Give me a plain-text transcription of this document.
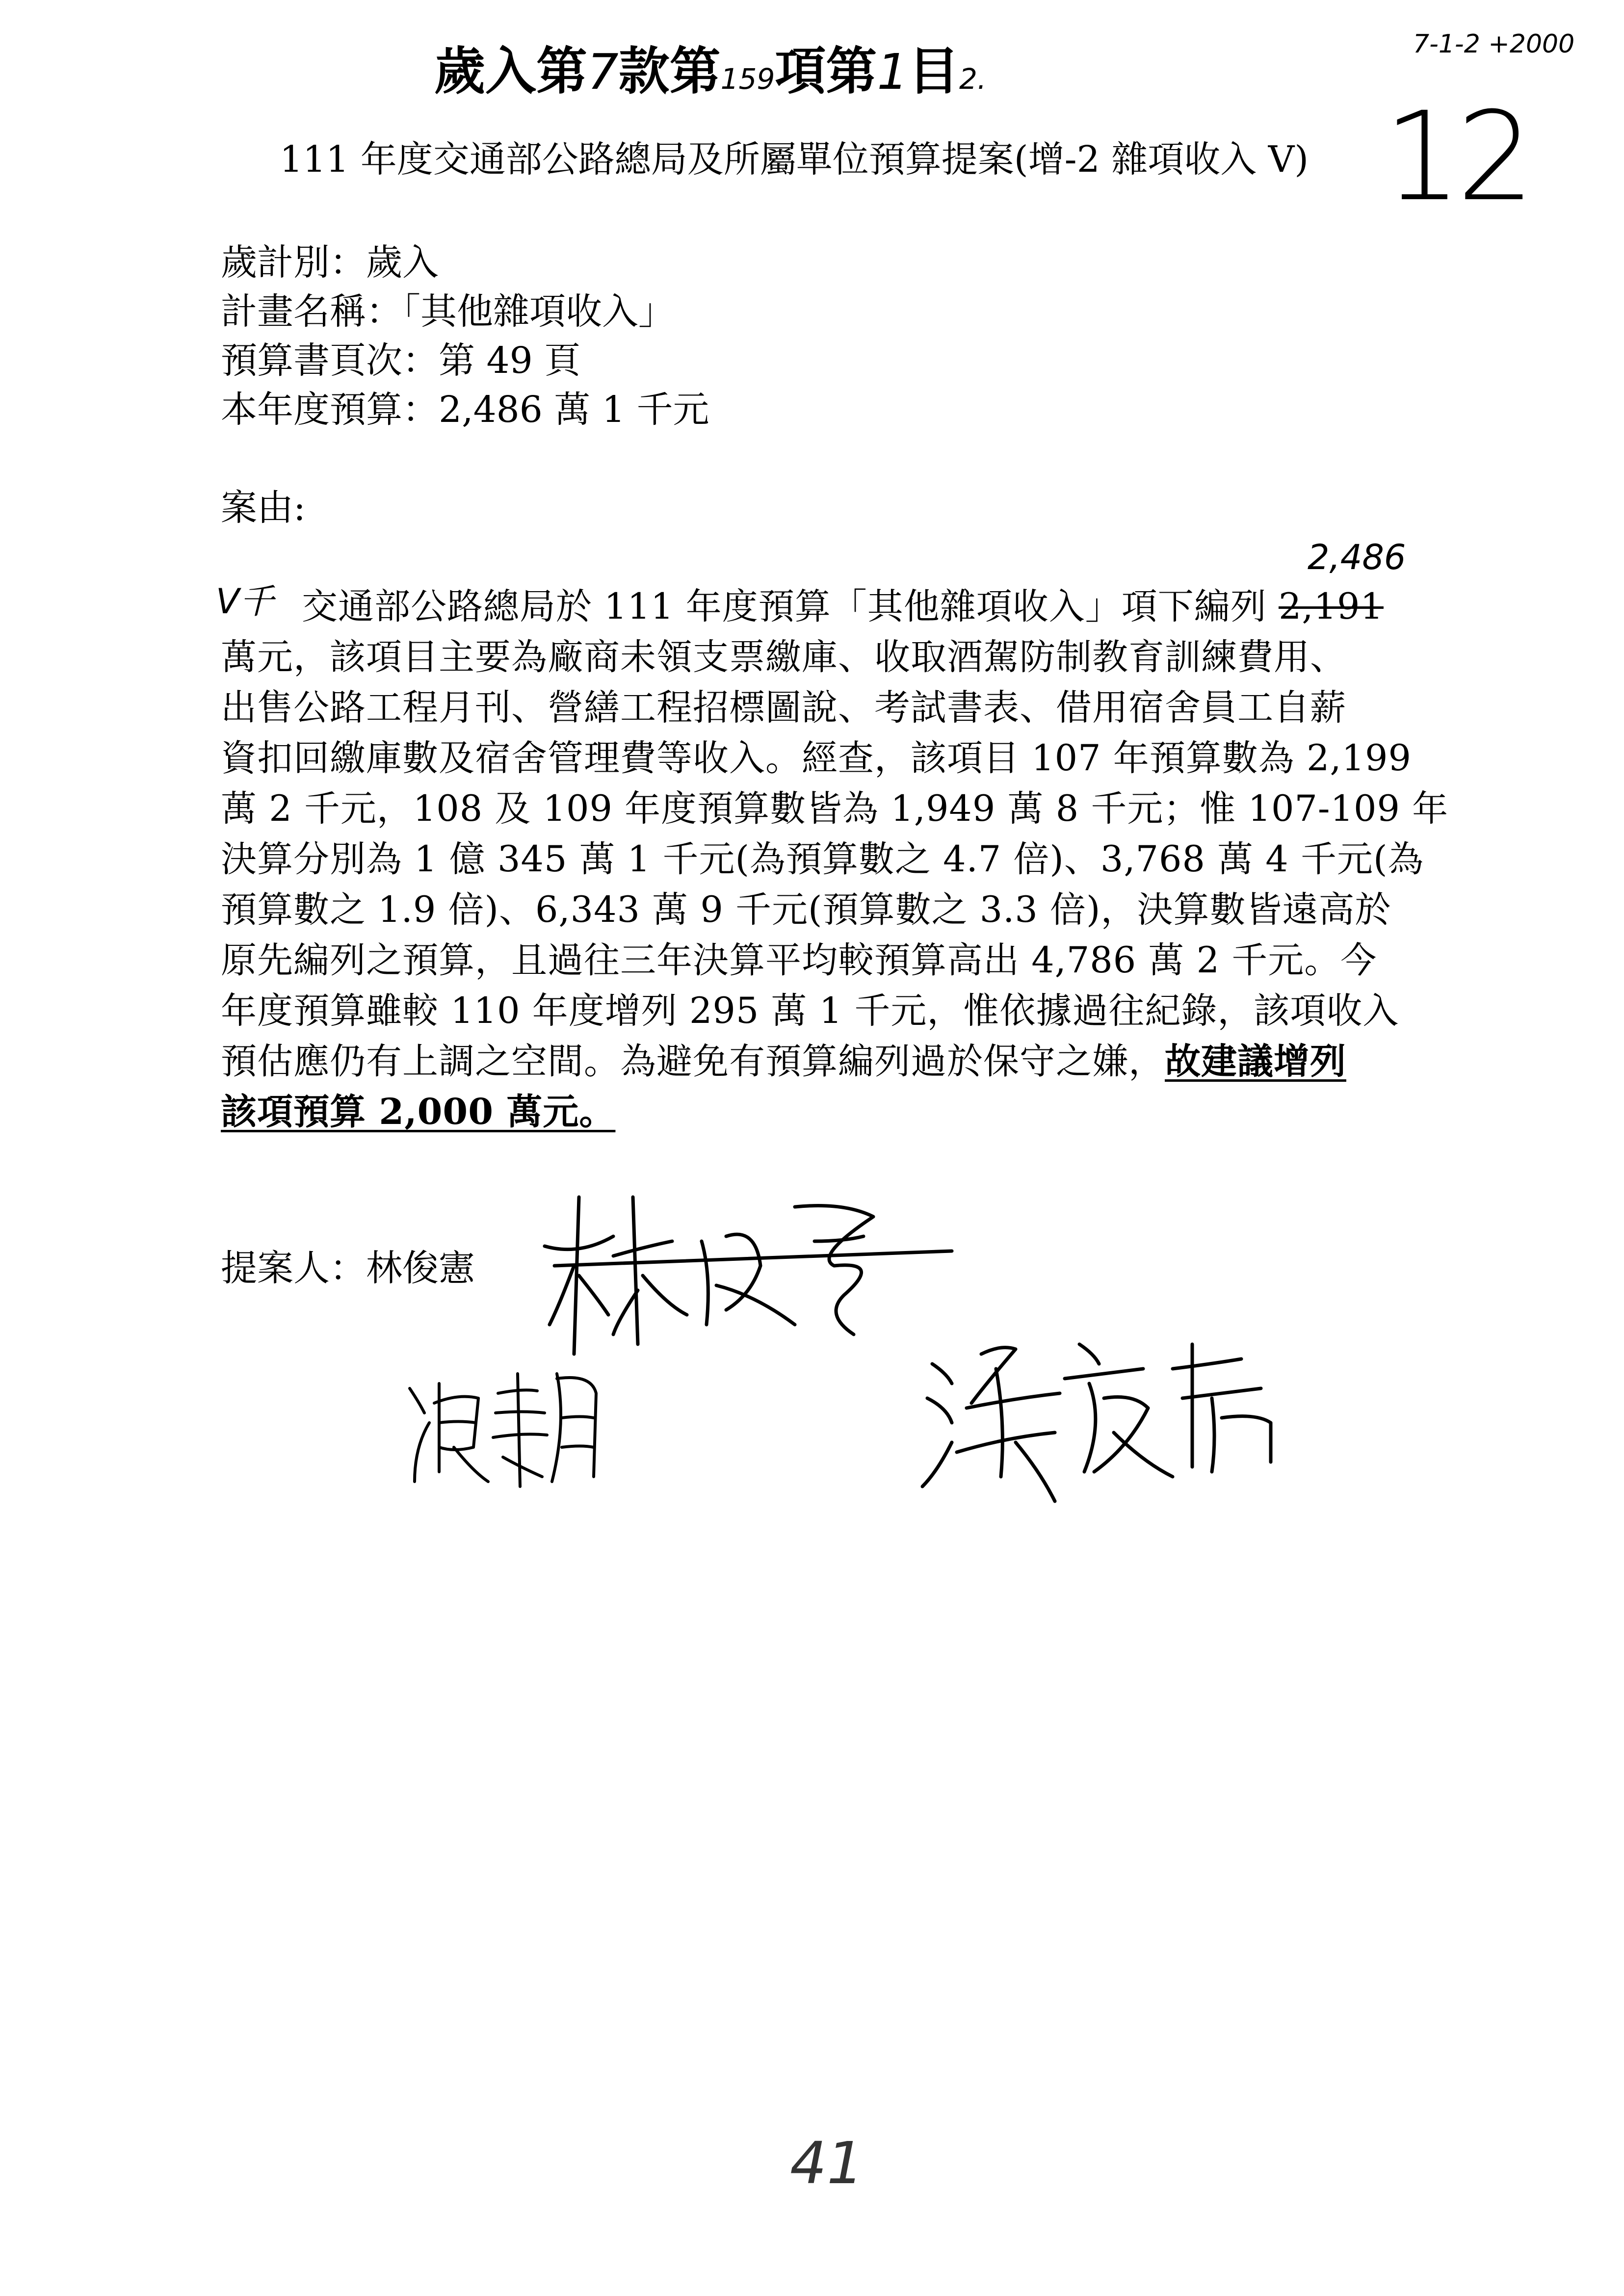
歲入第7款第159項第1目2.
7-1-2 +2000
12
111 年度交通部公路總局及所屬單位預算提案(增-2 雜項收入 V)
歲計別：歲入
計畫名稱：「其他雜項收入」
預算書頁次：第 49 頁
本年度預算：2,486 萬 1 千元
案由:
V千
2,486
交通部公路總局於 111 年度預算「其他雜項收入」項下編列 2,191
萬元，該項目主要為廠商未領支票繳庫、收取酒駕防制教育訓練費用、
出售公路工程月刊、營繕工程招標圖說、考試書表、借用宿舍員工自薪
資扣回繳庫數及宿舍管理費等收入。經查，該項目 107 年預算數為 2,199
萬 2 千元，108 及 109 年度預算數皆為 1,949 萬 8 千元；惟 107-109 年
決算分別為 1 億 345 萬 1 千元(為預算數之 4.7 倍)、3,768 萬 4 千元(為
預算數之 1.9 倍)、6,343 萬 9 千元(預算數之 3.3 倍)，決算數皆遠高於
原先編列之預算，且過往三年決算平均較預算高出 4,786 萬 2 千元。今
年度預算雖較 110 年度增列 295 萬 1 千元，惟依據過往紀錄，該項收入
預估應仍有上調之空間。為避免有預算編列過於保守之嫌，故建議增列
該項預算 2,000 萬元。
提案人：林俊憲
41
